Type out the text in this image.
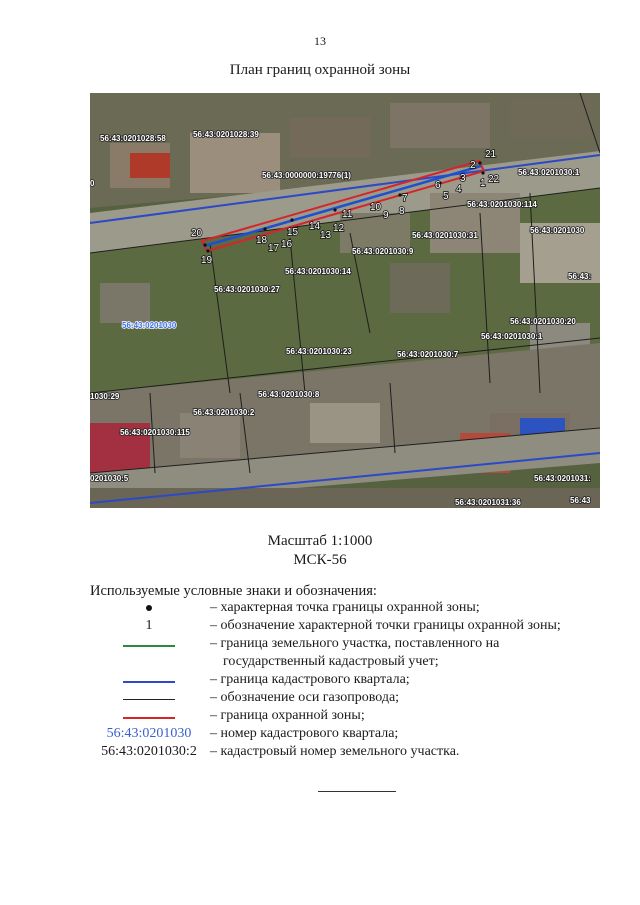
13
План границ охранной зоны
1
2
3
4
5
6
7
8
9
10
11
12
13
14
15
16
17
18
19
20
21
22
56:43:0201028:58	56:43:0201028:39
56:43:0000000:19776(1)
0
56:43:0201030:1
56:43:0201030:114
56:43:0201030:31
56:43:0201030
56:43:0201030:9
56:43:0201030:14
56:43:
56:43:0201030:27
56:43:0201030	56:43:0201030:20
56:43:0201030:1
56:43:0201030:23	56:43:0201030:7
1030:29	56:43:0201030:8
56:43:0201030:2
56:43:0201030:115
0201030:5	56:43:0201031:
56:43:0201031:36	56:43
Масштаб 1:1000
МСК-56
Используемые условные знаки и обозначения:
– характерная точка границы охранной зоны;
1	– обозначение характерной точки границы охранной зоны;
– граница земельного участка, поставленного на
государственный кадастровый учет;
– граница кадастрового квартала;
– обозначение оси газопровода;
– граница охранной зоны;
56:43:0201030	– номер кадастрового квартала;
56:43:0201030:2 – кадастровый номер земельного участка.
